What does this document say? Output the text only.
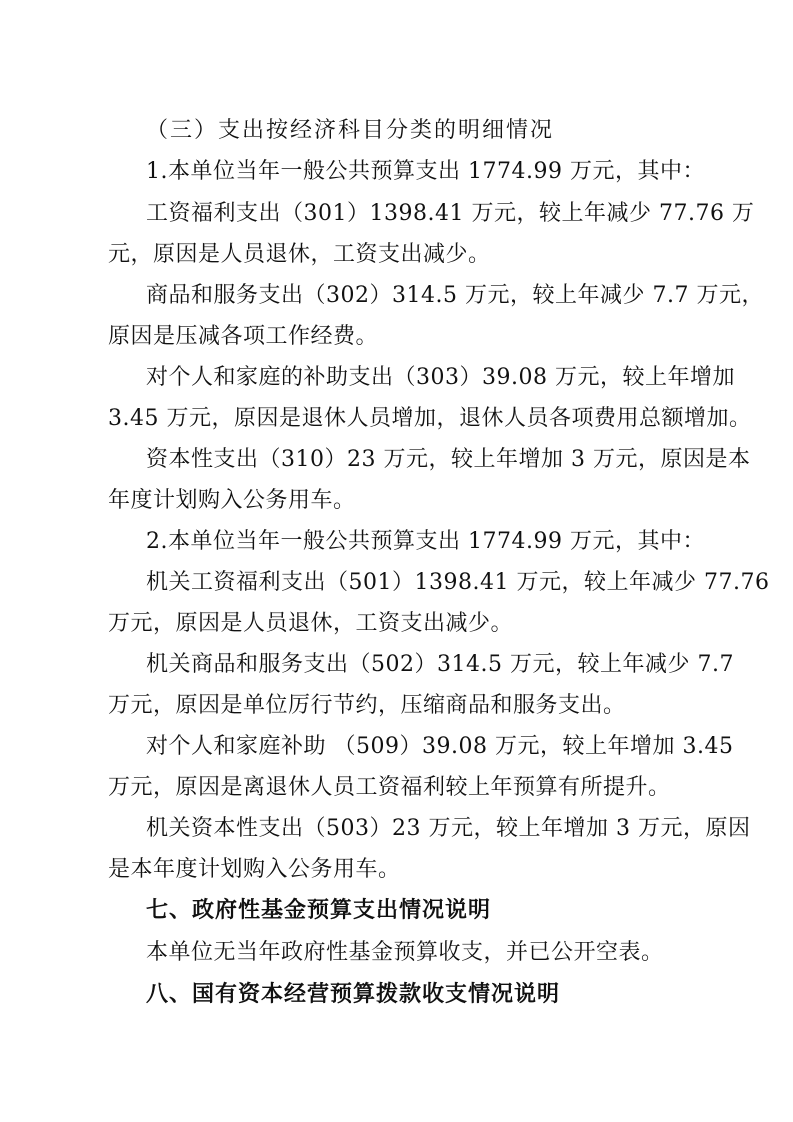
（三）支出按经济科目分类的明细情况
1.本单位当年一般公共预算支出 1774.99 万元，其中：
工资福利支出（301）1398.41 万元，较上年减少 77.76 万
元，原因是人员退休，工资支出减少。
商品和服务支出（302）314.5 万元，较上年减少 7.7 万元，
原因是压减各项工作经费。
对个人和家庭的补助支出（303）39.08 万元，较上年增加
3.45 万元，原因是退休人员增加，退休人员各项费用总额增加。
资本性支出（310）23 万元，较上年增加 3 万元，原因是本
年度计划购入公务用车。
2.本单位当年一般公共预算支出 1774.99 万元，其中：
机关工资福利支出（501）1398.41 万元，较上年减少 77.76
万元，原因是人员退休，工资支出减少。
机关商品和服务支出（502）314.5 万元，较上年减少 7.7
万元，原因是单位厉行节约，压缩商品和服务支出。
对个人和家庭补助 （509）39.08 万元，较上年增加 3.45
万元，原因是离退休人员工资福利较上年预算有所提升。
机关资本性支出（503）23 万元，较上年增加 3 万元，原因
是本年度计划购入公务用车。
七、政府性基金预算支出情况说明
本单位无当年政府性基金预算收支，并已公开空表。
八、国有资本经营预算拨款收支情况说明
